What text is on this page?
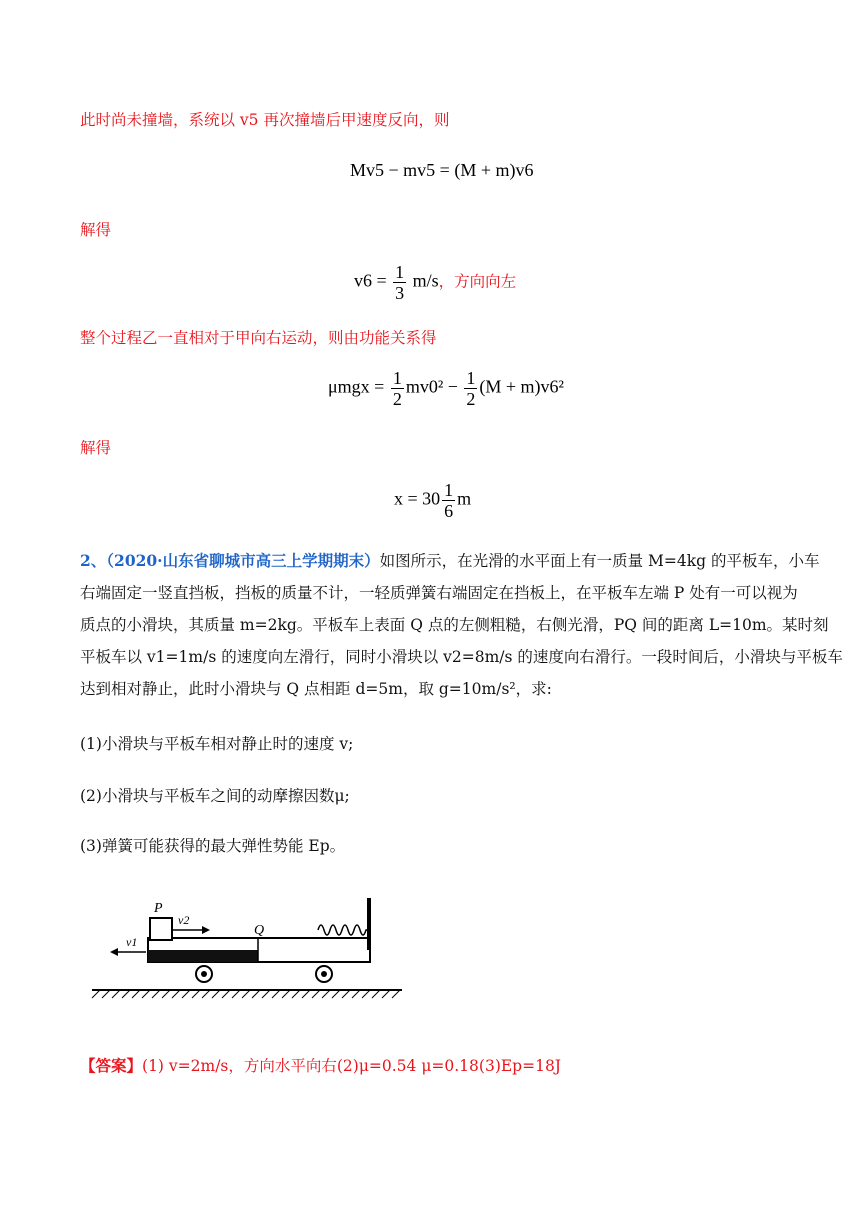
此时尚未撞墙，系统以 v5 再次撞墙后甲速度反向，则
Mv5 − mv5 = (M + m)v6
解得
$v6 = \frac{1}{3} m/s$，方向向左
整个过程乙一直相对于甲向右运动，则由功能关系得
$\mu mgx = \frac{1}{2} mv0^2 - \frac{1}{2} (M + m)v6^2$
解得
$x = 30 \frac{1}{6}$ m
2、（2020·山东省聊城市高三上学期期末）如图所示，在光滑的水平面上有一质量 M=4kg 的平板车，小车
右端固定一竖直挡板，挡板的质量不计，一轻质弹簧右端固定在挡板上，在平板车左端 P 处有一可以视为
质点的小滑块，其质量 m=2kg。平板车上表面 Q 点的左侧粗糙，右侧光滑，PQ 间的距离 L=10m。某时刻
平板车以 v1=1m/s 的速度向左滑行，同时小滑块以 v2=8m/s 的速度向右滑行。一段时间后，小滑块与平板车
达到相对静止，此时小滑块与 Q 点相距 d=5m，取 g=10m/s²，求:
(1)小滑块与平板车相对静止时的速度 v;
(2)小滑块与平板车之间的动摩擦因数μ;
(3)弹簧可能获得的最大弹性势能 Ep。
P
v2
v1
Q
【答案】(1) v=2m/s，方向水平向右(2)μ=0.54 μ=0.18(3)Ep=18J
